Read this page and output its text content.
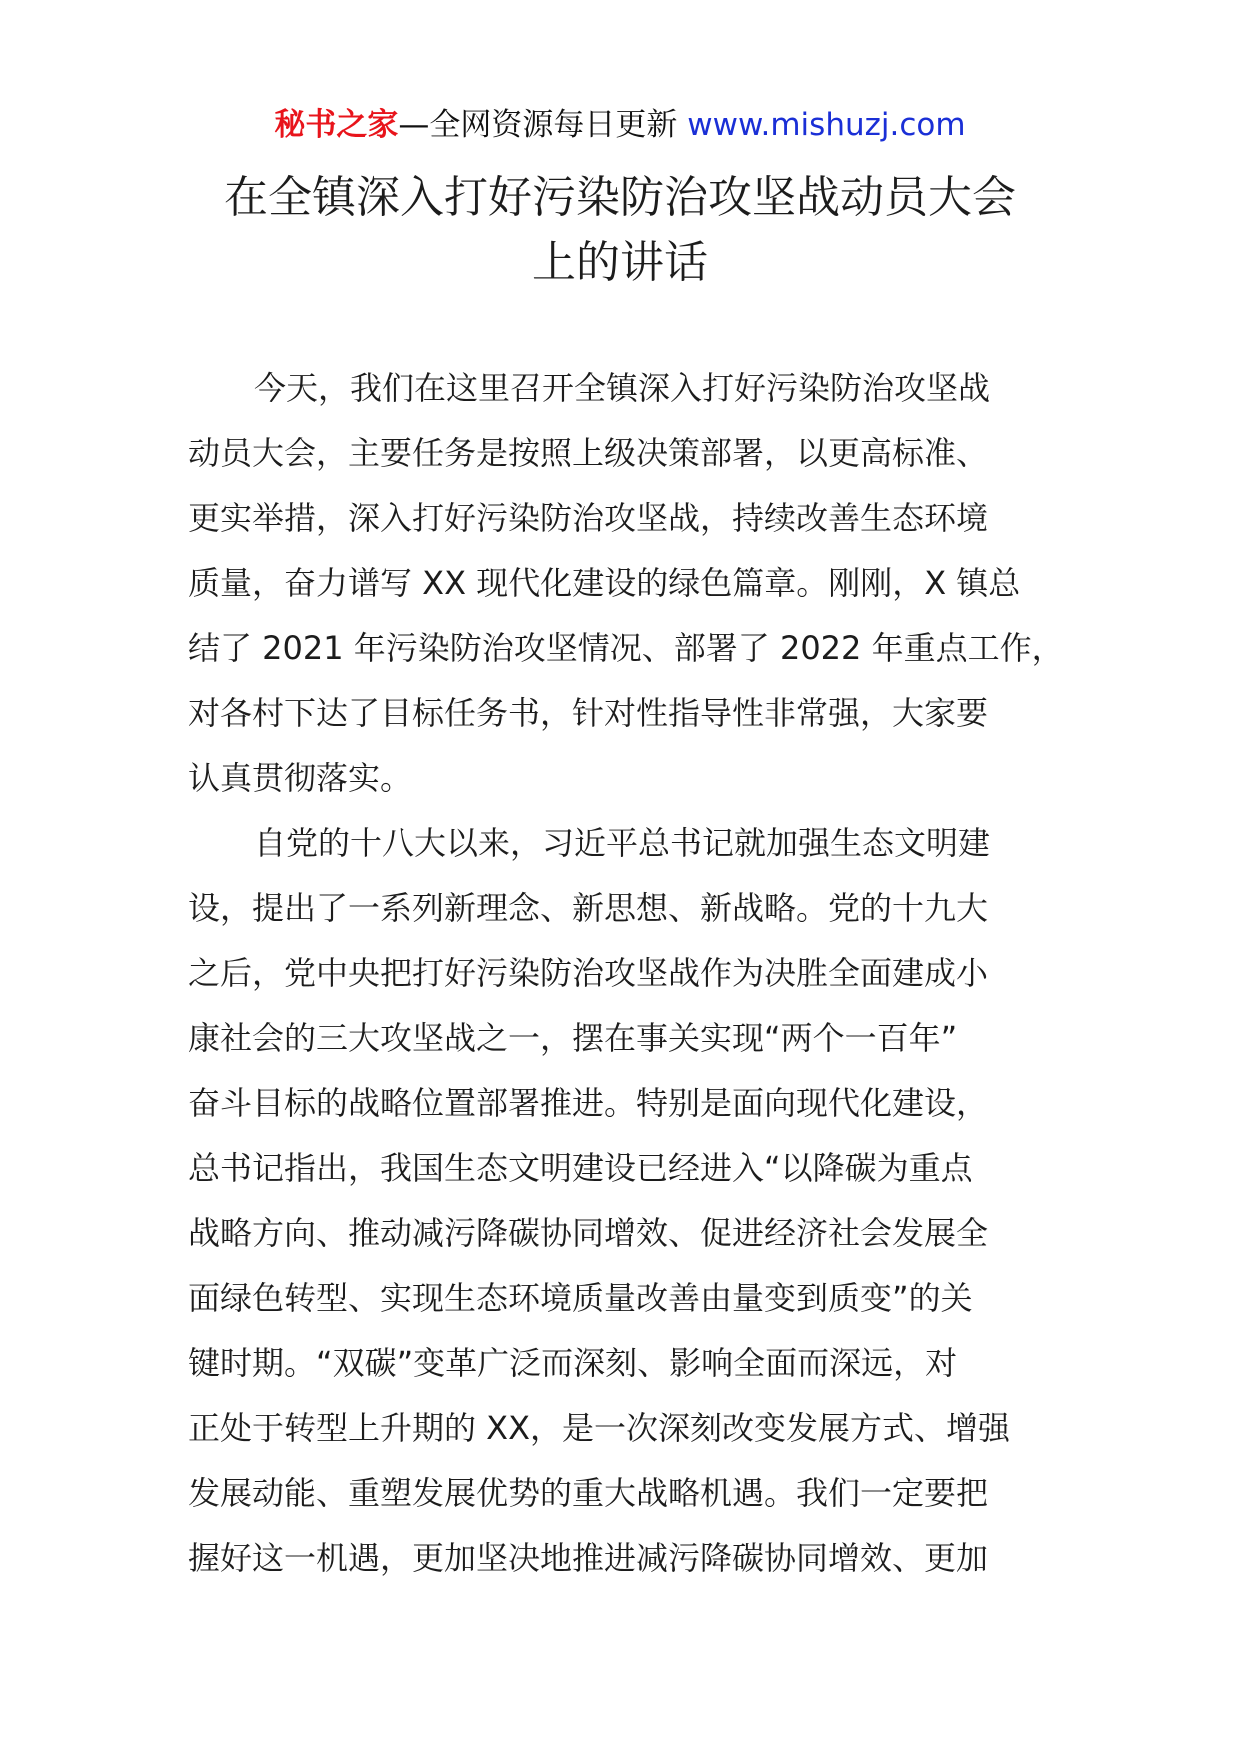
秘书之家—全网资源每日更新 www.mishuzj.com
在全镇深入打好污染防治攻坚战动员大会
上的讲话
今天，我们在这里召开全镇深入打好污染防治攻坚战
动员大会，主要任务是按照上级决策部署，以更高标准、
更实举措，深入打好污染防治攻坚战，持续改善生态环境
质量，奋力谱写 XX 现代化建设的绿色篇章。刚刚，X 镇总
结了 2021 年污染防治攻坚情况、部署了 2022 年重点工作，
对各村下达了目标任务书，针对性指导性非常强，大家要
认真贯彻落实。
自党的十八大以来，习近平总书记就加强生态文明建
设，提出了一系列新理念、新思想、新战略。党的十九大
之后，党中央把打好污染防治攻坚战作为决胜全面建成小
康社会的三大攻坚战之一，摆在事关实现“两个一百年”
奋斗目标的战略位置部署推进。特别是面向现代化建设，
总书记指出，我国生态文明建设已经进入“以降碳为重点
战略方向、推动减污降碳协同增效、促进经济社会发展全
面绿色转型、实现生态环境质量改善由量变到质变”的关
键时期。“双碳”变革广泛而深刻、影响全面而深远，对
正处于转型上升期的 XX，是一次深刻改变发展方式、增强
发展动能、重塑发展优势的重大战略机遇。我们一定要把
握好这一机遇，更加坚决地推进减污降碳协同增效、更加
